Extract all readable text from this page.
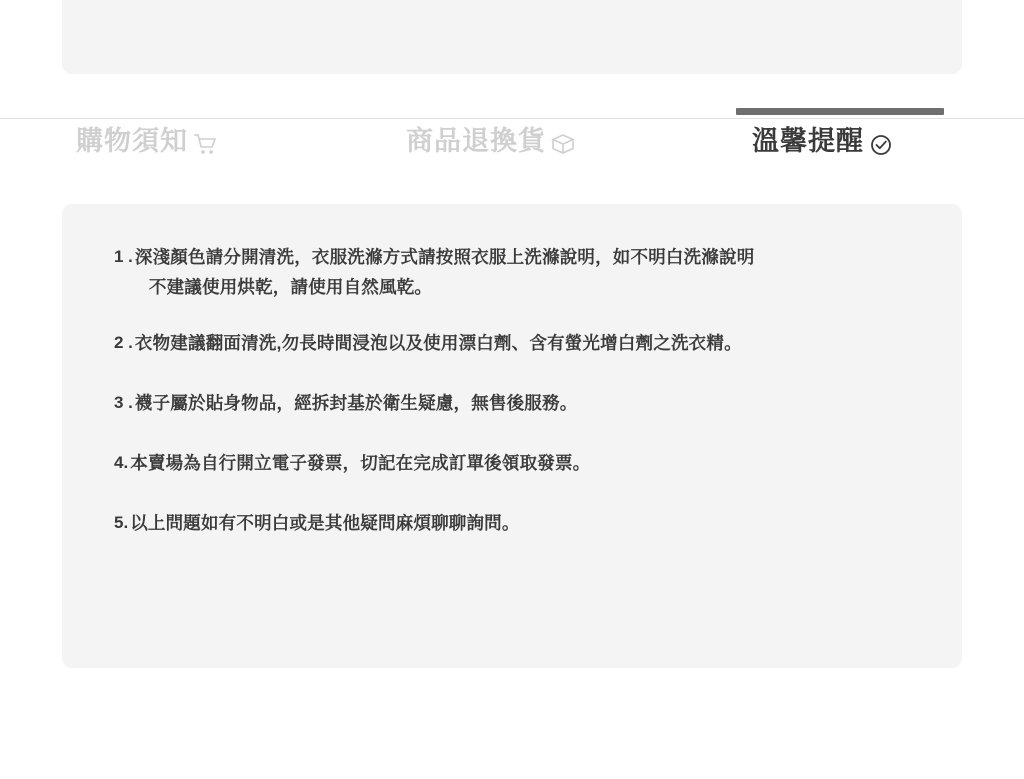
購物須知	商品退換貨	溫馨提醒
1 . 深淺顏色請分開清洗，衣服洗滌方式請按照衣服上洗滌說明，如不明白洗滌說明
不建議使用烘乾，請使用自然風乾。
2 . 衣物建議翻面清洗,勿長時間浸泡以及使用漂白劑、含有螢光增白劑之洗衣精。
3 . 襪子屬於貼身物品，經拆封基於衛生疑慮，無售後服務。
4. 本賣場為自行開立電子發票，切記在完成訂單後領取發票。
5. 以上問題如有不明白或是其他疑問麻煩聊聊詢問。
